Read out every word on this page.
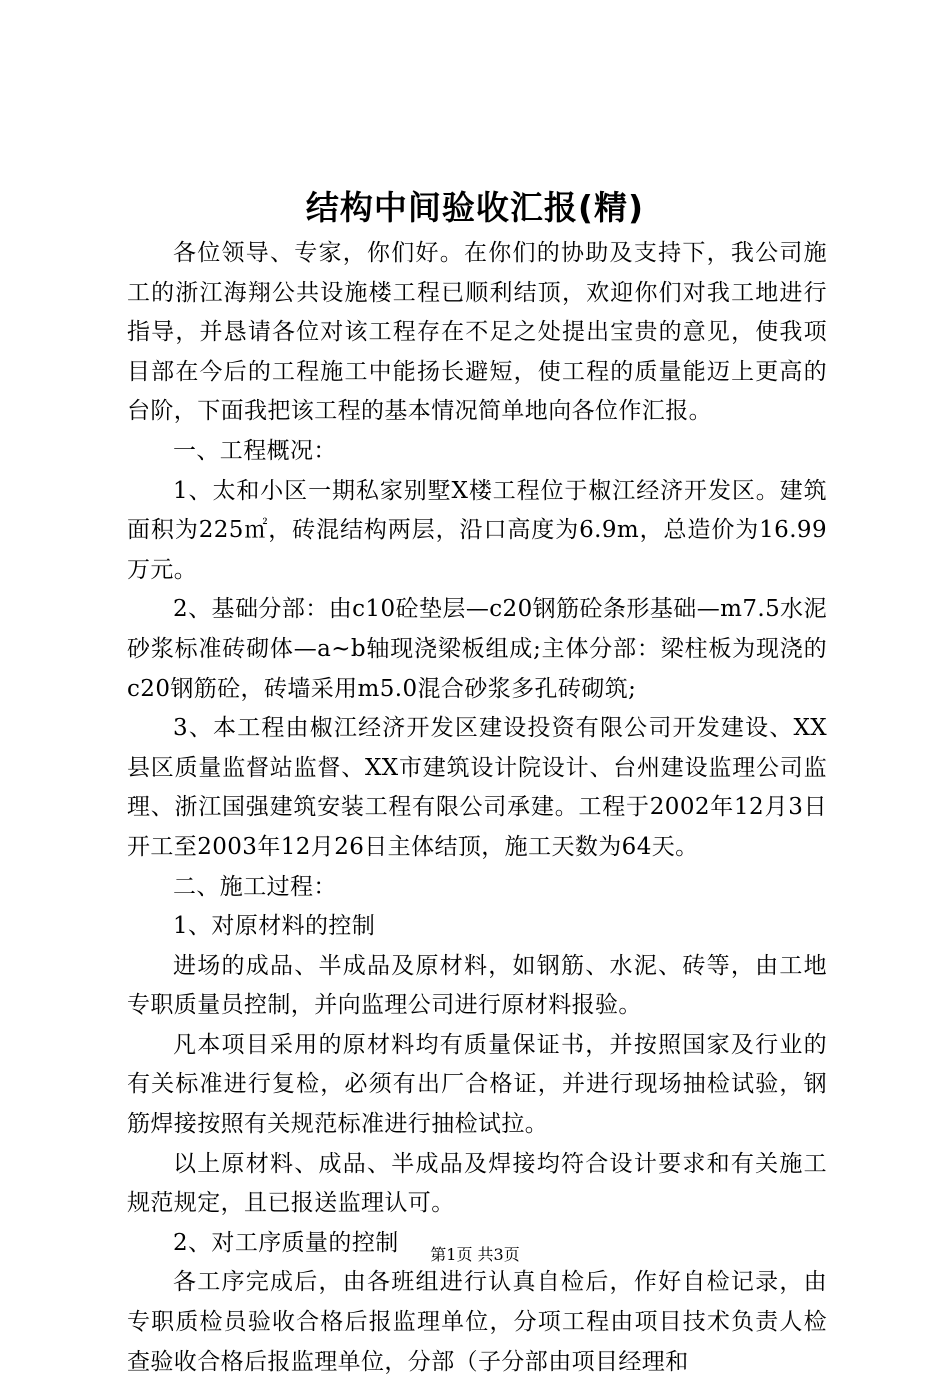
结构中间验收汇报(精)

各位领导、专家，你们好。在你们的协助及支持下，我公司施工的浙江海翔公共设施楼工程已顺利结顶，欢迎你们对我工地进行指导，并恳请各位对该工程存在不足之处提出宝贵的意见，使我项目部在今后的工程施工中能扬长避短，使工程的质量能迈上更高的台阶，下面我把该工程的基本情况简单地向各位作汇报。

一、工程概况：

1、太和小区一期私家别墅X楼工程位于椒江经济开发区。建筑面积为225㎡，砖混结构两层，沿口高度为6.9m，总造价为16.99万元。

2、基础分部：由c10砼垫层—c20钢筋砼条形基础—m7.5水泥砂浆标准砖砌体—a~b轴现浇梁板组成;主体分部：梁柱板为现浇的c20钢筋砼，砖墙采用m5.0混合砂浆多孔砖砌筑;

3、本工程由椒江经济开发区建设投资有限公司开发建设、XX县区质量监督站监督、XX市建筑设计院设计、台州建设监理公司监理、浙江国强建筑安装工程有限公司承建。工程于2002年12月3日开工至2003年12月26日主体结顶，施工天数为64天。

二、施工过程：

1、对原材料的控制

进场的成品、半成品及原材料，如钢筋、水泥、砖等，由工地专职质量员控制，并向监理公司进行原材料报验。

凡本项目采用的原材料均有质量保证书，并按照国家及行业的有关标准进行复检，必须有出厂合格证，并进行现场抽检试验，钢筋焊接按照有关规范标准进行抽检试拉。

以上原材料、成品、半成品及焊接均符合设计要求和有关施工规范规定，且已报送监理认可。

2、对工序质量的控制

各工序完成后，由各班组进行认真自检后，作好自检记录，由专职质检员验收合格后报监理单位，分项工程由项目技术负责人检查验收合格后报监理单位，分部（子分部由项目经理和

第1页 共3页
